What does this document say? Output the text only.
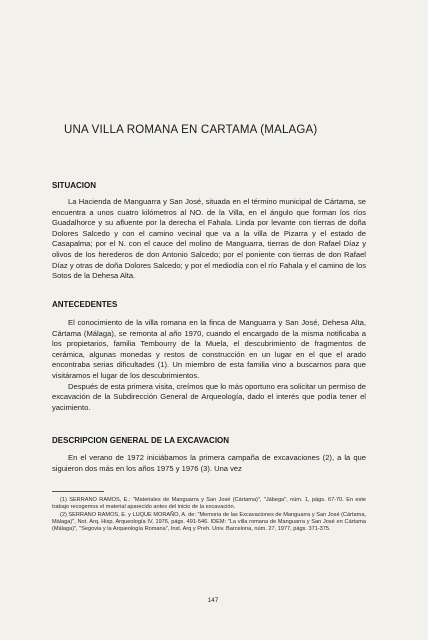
UNA VILLA ROMANA EN CARTAMA (MALAGA)
SITUACION

La Hacienda de Manguarra y San José, situada en el término municipal de Cártama, se encuentra a unos cuatro kilómetros al NO. de la Villa, en el ángulo que forman los ríos Guadalhorce y su afluente por la derecha el Fahala. Linda por levante con tierras de doña Dolores Salcedo y con el camino vecinal que va a la villa de Pizarra y el estado de Casapalma; por el N. con el cauce del molino de Manguarra, tierras de don Rafael Díaz y olivos de los herederos de don Antonio Salcedo; por el poniente con tierras de don Rafael Díaz y otras de doña Dolores Salcedo; y por el mediodía con el río Fahala y el camino de los Sotos de la Dehesa Alta.

ANTECEDENTES

El conocimiento de la villa romana en la finca de Manguarra y San José, Dehesa Alta, Cártama (Málaga), se remonta al año 1970, cuando el encargado de la misma notificaba a los propietarios, familia Tembourry de la Muela, el descubrimiento de fragmentos de cerámica, algunas monedas y restos de construcción en un lugar en el que el arado encontraba serias dificultades (1). Un miembro de esta familia vino a buscarnos para que visitáramos el lugar de los descubrimientos.

Después de esta primera visita, creímos que lo más oportuno era solicitar un permiso de excavación de la Subdirección General de Arqueología, dado el interés que podía tener el yacimiento.

DESCRIPCION GENERAL DE LA EXCAVACION

En el verano de 1972 iniciábamos la primera campaña de excavaciones (2), a la que siguieron dos más en los años 1975 y 1976 (3). Una vez

(1) SERRANO RAMOS, E.: "Materiales de Manguarra y San José (Cártama)", "Jábega", núm. 1, págs. 67-70. En este trabajo recogemos el material aparecido antes del inicio de la excavación.

(2) SERRANO RAMOS, E. y LUQUE MORAÑO, A. de: "Memoria de las Excavaciones de Manguarra y San José (Cártama, Málaga)", Not. Arq. Hisp. Arqueología IV, 1976, págs. 491-546. IDEM: "La villa romana de Manguarra y San José en Cártama (Málaga)", "Segovia y la Arqueología Romana", Inst. Arq y Preh. Univ. Barcelona, núm. 27, 1977, págs. 371-375.

147
